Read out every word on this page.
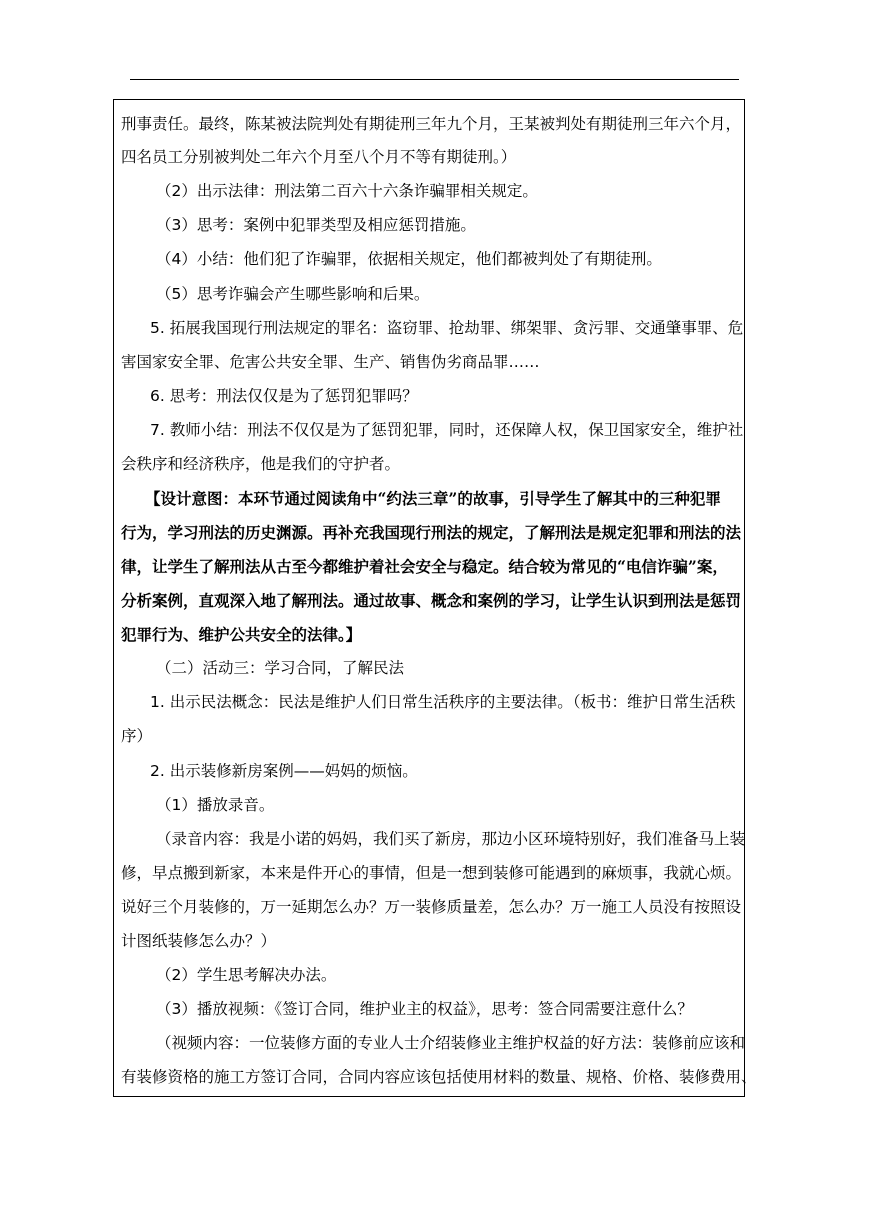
刑事责任。最终，陈某被法院判处有期徒刑三年九个月，王某被判处有期徒刑三年六个月，
四名员工分别被判处二年六个月至八个月不等有期徒刑。）
（2）出示法律：刑法第二百六十六条诈骗罪相关规定。
（3）思考：案例中犯罪类型及相应惩罚措施。
（4）小结：他们犯了诈骗罪，依据相关规定，他们都被判处了有期徒刑。
（5）思考诈骗会产生哪些影响和后果。
5. 拓展我国现行刑法规定的罪名：盗窃罪、抢劫罪、绑架罪、贪污罪、交通肇事罪、危
害国家安全罪、危害公共安全罪、生产、销售伪劣商品罪……
6. 思考：刑法仅仅是为了惩罚犯罪吗？
7. 教师小结：刑法不仅仅是为了惩罚犯罪，同时，还保障人权，保卫国家安全，维护社
会秩序和经济秩序，他是我们的守护者。
【设计意图：本环节通过阅读角中“约法三章”的故事，引导学生了解其中的三种犯罪
行为，学习刑法的历史渊源。再补充我国现行刑法的规定，了解刑法是规定犯罪和刑法的法
律，让学生了解刑法从古至今都维护着社会安全与稳定。结合较为常见的“电信诈骗”案，
分析案例，直观深入地了解刑法。通过故事、概念和案例的学习，让学生认识到刑法是惩罚
犯罪行为、维护公共安全的法律。】
（二）活动三：学习合同，了解民法
1. 出示民法概念：民法是维护人们日常生活秩序的主要法律。（板书：维护日常生活秩
序）
2. 出示装修新房案例——妈妈的烦恼。
（1）播放录音。
（录音内容：我是小诺的妈妈，我们买了新房，那边小区环境特别好，我们准备马上装
修，早点搬到新家，本来是件开心的事情，但是一想到装修可能遇到的麻烦事，我就心烦。
说好三个月装修的，万一延期怎么办？万一装修质量差，怎么办？万一施工人员没有按照设
计图纸装修怎么办？）
（2）学生思考解决办法。
（3）播放视频：《签订合同，维护业主的权益》，思考：签合同需要注意什么？
（视频内容：一位装修方面的专业人士介绍装修业主维护权益的好方法：装修前应该和
有装修资格的施工方签订合同，合同内容应该包括使用材料的数量、规格、价格、装修费用、
